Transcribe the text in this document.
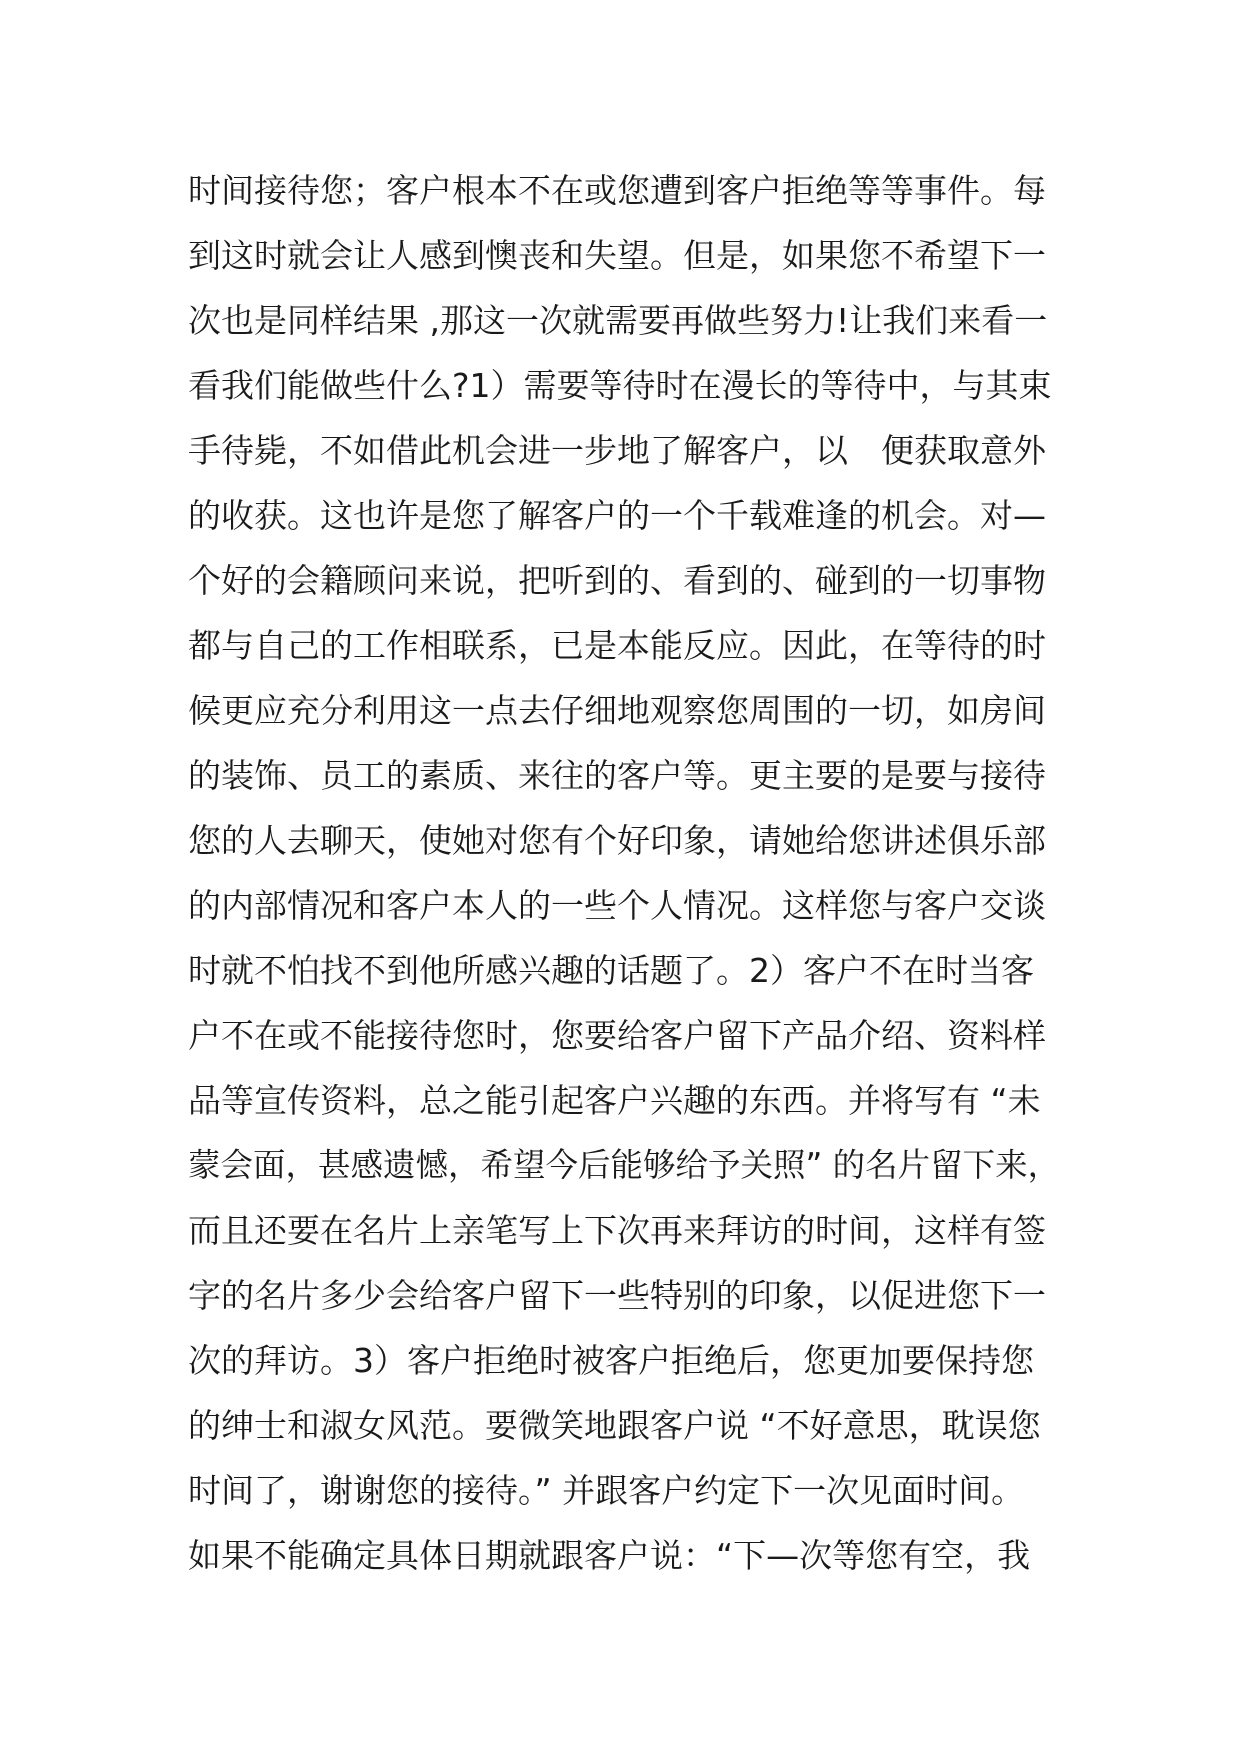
时间接待您；客户根本不在或您遭到客户拒绝等等事件。每
到这时就会让人感到懊丧和失望。但是，如果您不希望下一
次也是同样结果 ,那这一次就需要再做些努力!让我们来看一
看我们能做些什么?1）需要等待时在漫长的等待中，与其束
手待毙，不如借此机会进一步地了解客户，以　便获取意外
的收获。这也许是您了解客户的一个千载难逢的机会。对—
个好的会籍顾问来说，把听到的、看到的、碰到的一切事物
都与自己的工作相联系，已是本能反应。因此，在等待的时
候更应充分利用这一点去仔细地观察您周围的一切，如房间
的装饰、员工的素质、来往的客户等。更主要的是要与接待
您的人去聊天，使她对您有个好印象，请她给您讲述俱乐部
的内部情况和客户本人的一些个人情况。这样您与客户交谈
时就不怕找不到他所感兴趣的话题了。2）客户不在时当客
户不在或不能接待您时，您要给客户留下产品介绍、资料样
品等宣传资料，总之能引起客户兴趣的东西。并将写有 “未
蒙会面，甚感遗憾，希望今后能够给予关照” 的名片留下来，
而且还要在名片上亲笔写上下次再来拜访的时间，这样有签
字的名片多少会给客户留下一些特别的印象，以促进您下一
次的拜访。3）客户拒绝时被客户拒绝后，您更加要保持您
的绅士和淑女风范。要微笑地跟客户说 “不好意思，耽误您
时间了，谢谢您的接待。” 并跟客户约定下一次见面时间。
如果不能确定具体日期就跟客户说：“下—次等您有空，我
